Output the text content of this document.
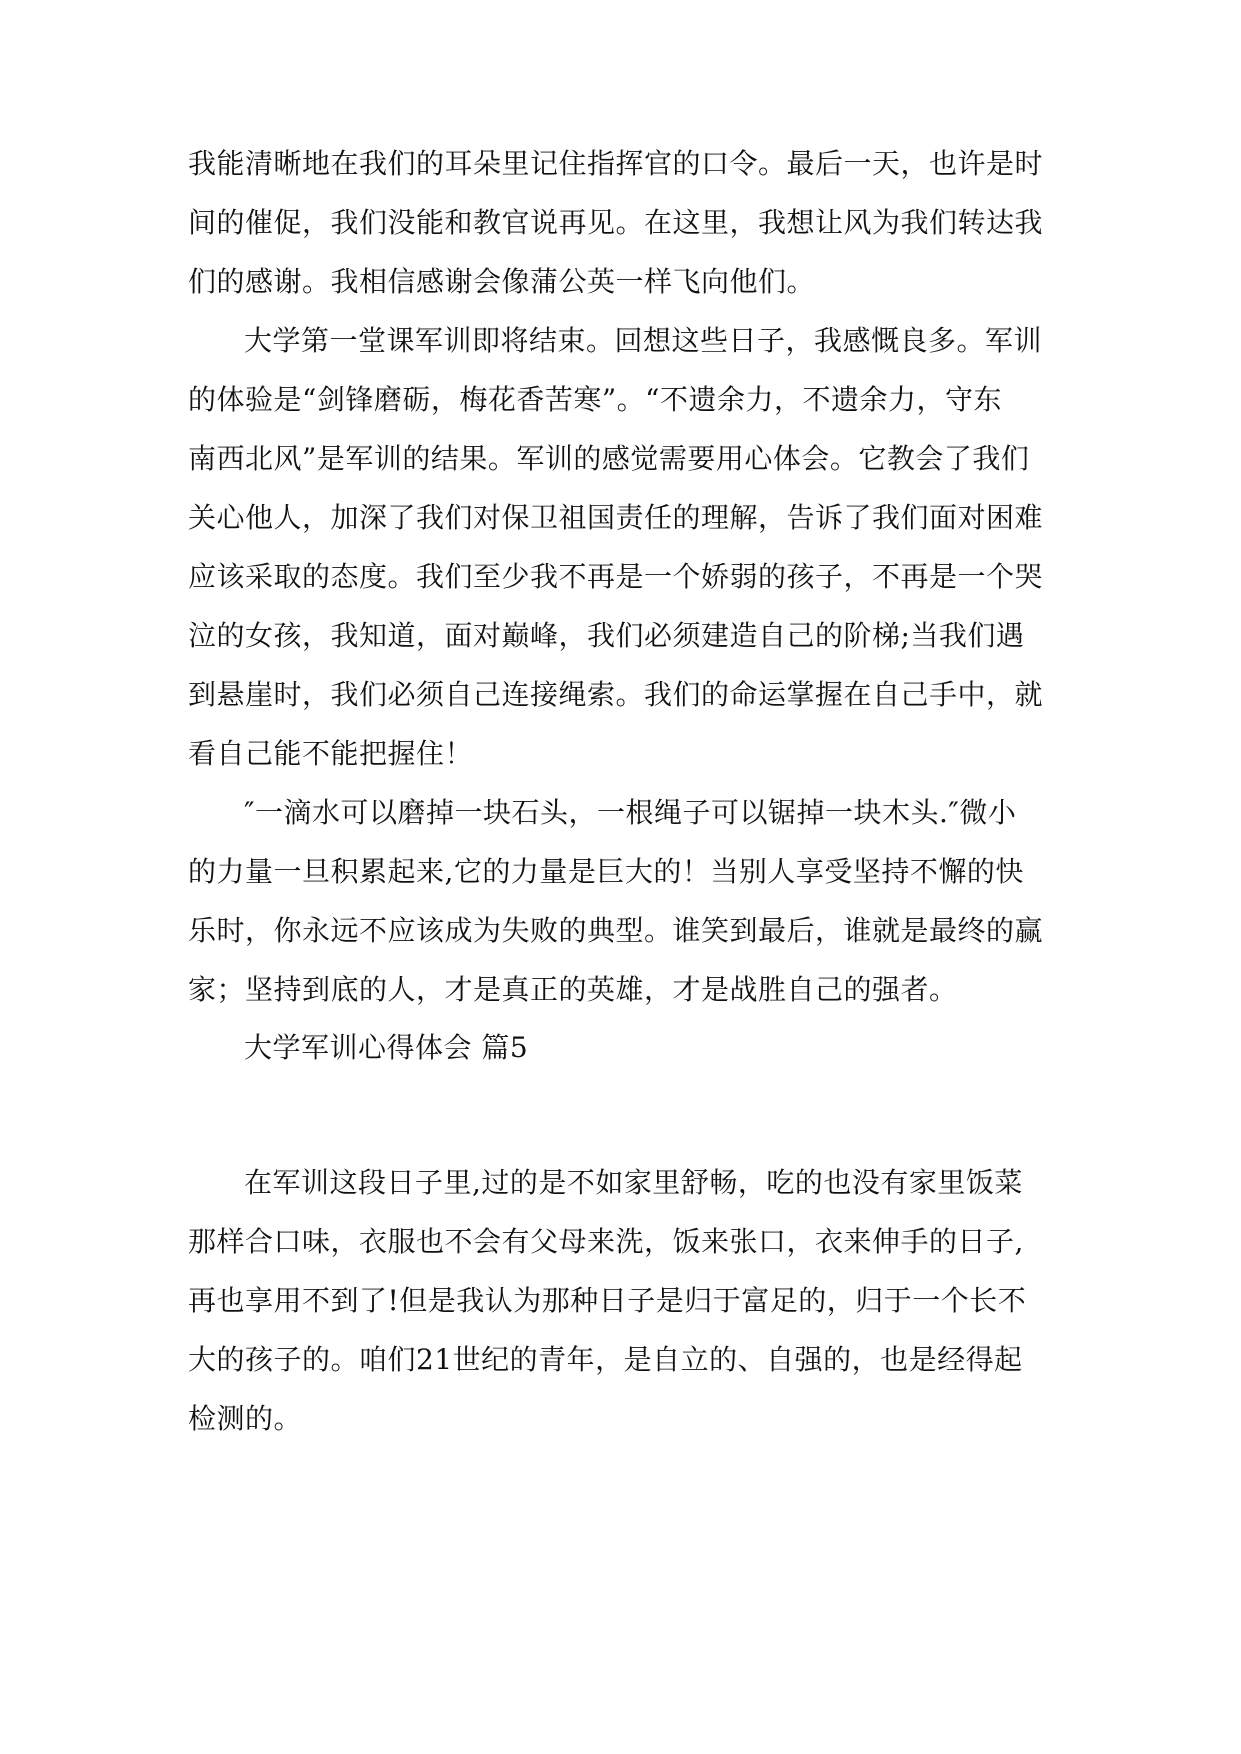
我能清晰地在我们的耳朵里记住指挥官的口令。最后一天，也许是时
间的催促，我们没能和教官说再见。在这里，我想让风为我们转达我
们的感谢。我相信感谢会像蒲公英一样飞向他们。
大学第一堂课军训即将结束。回想这些日子，我感慨良多。军训
的体验是“剑锋磨砺，梅花香苦寒”。“不遗余力，不遗余力，守东
南西北风”是军训的结果。军训的感觉需要用心体会。它教会了我们
关心他人，加深了我们对保卫祖国责任的理解，告诉了我们面对困难
应该采取的态度。我们至少我不再是一个娇弱的孩子，不再是一个哭
泣的女孩，我知道，面对巅峰，我们必须建造自己的阶梯;当我们遇
到悬崖时，我们必须自己连接绳索。我们的命运掌握在自己手中，就
看自己能不能把握住！
″一滴水可以磨掉一块石头，一根绳子可以锯掉一块木头.″微小
的力量一旦积累起来,它的力量是巨大的！当别人享受坚持不懈的快
乐时，你永远不应该成为失败的典型。谁笑到最后，谁就是最终的赢
家；坚持到底的人，才是真正的英雄，才是战胜自己的强者。
大学军训心得体会 篇5
在军训这段日子里,过的是不如家里舒畅，吃的也没有家里饭菜
那样合口味，衣服也不会有父母来洗，饭来张口，衣来伸手的日子,
再也享用不到了!但是我认为那种日子是归于富足的，归于一个长不
大的孩子的。咱们21世纪的青年，是自立的、自强的，也是经得起
检测的。
